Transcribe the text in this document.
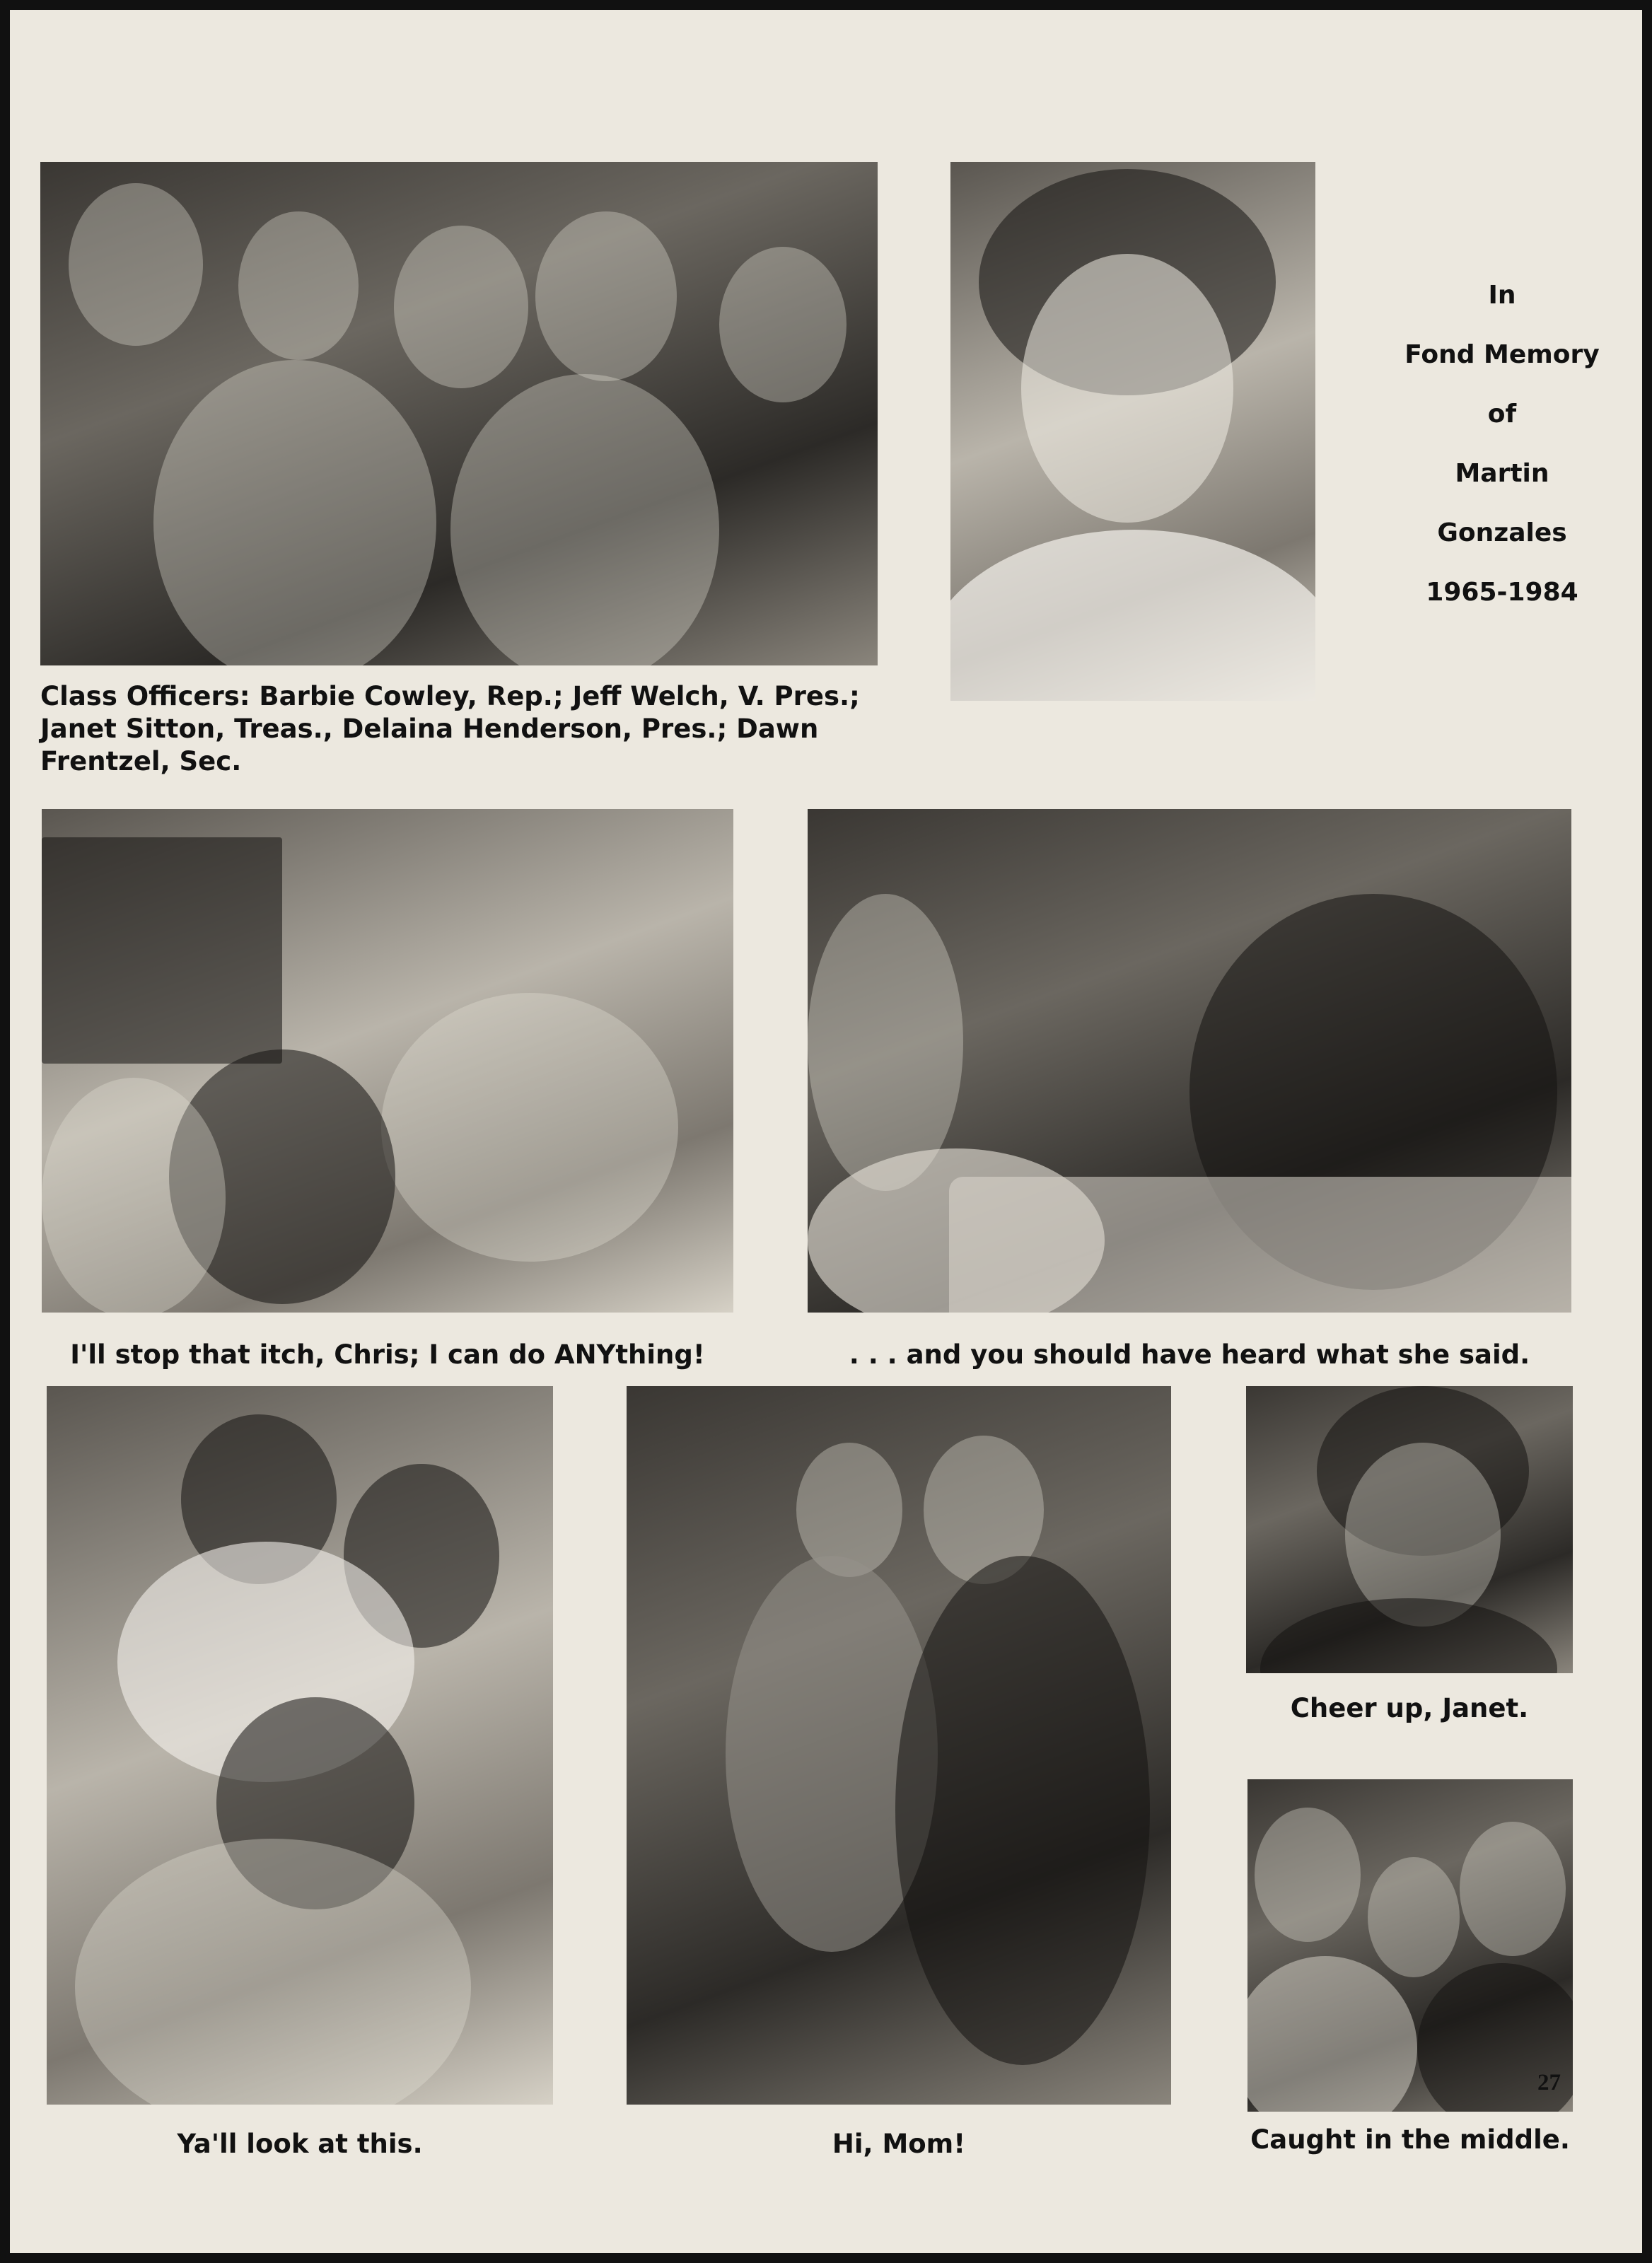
Class Officers: Barbie Cowley, Rep.; Jeff Welch, V. Pres.; Janet Sitton, Treas., Delaina Henderson, Pres.; Dawn Frentzel, Sec.
In
Fond Memory
of
Martin
Gonzales
1965-1984
I'll stop that itch, Chris; I can do ANYthing!	. . . and you should have heard what she said.
Ya'll look at this.	Hi, Mom!
Cheer up, Janet.
Caught in the middle.
27
